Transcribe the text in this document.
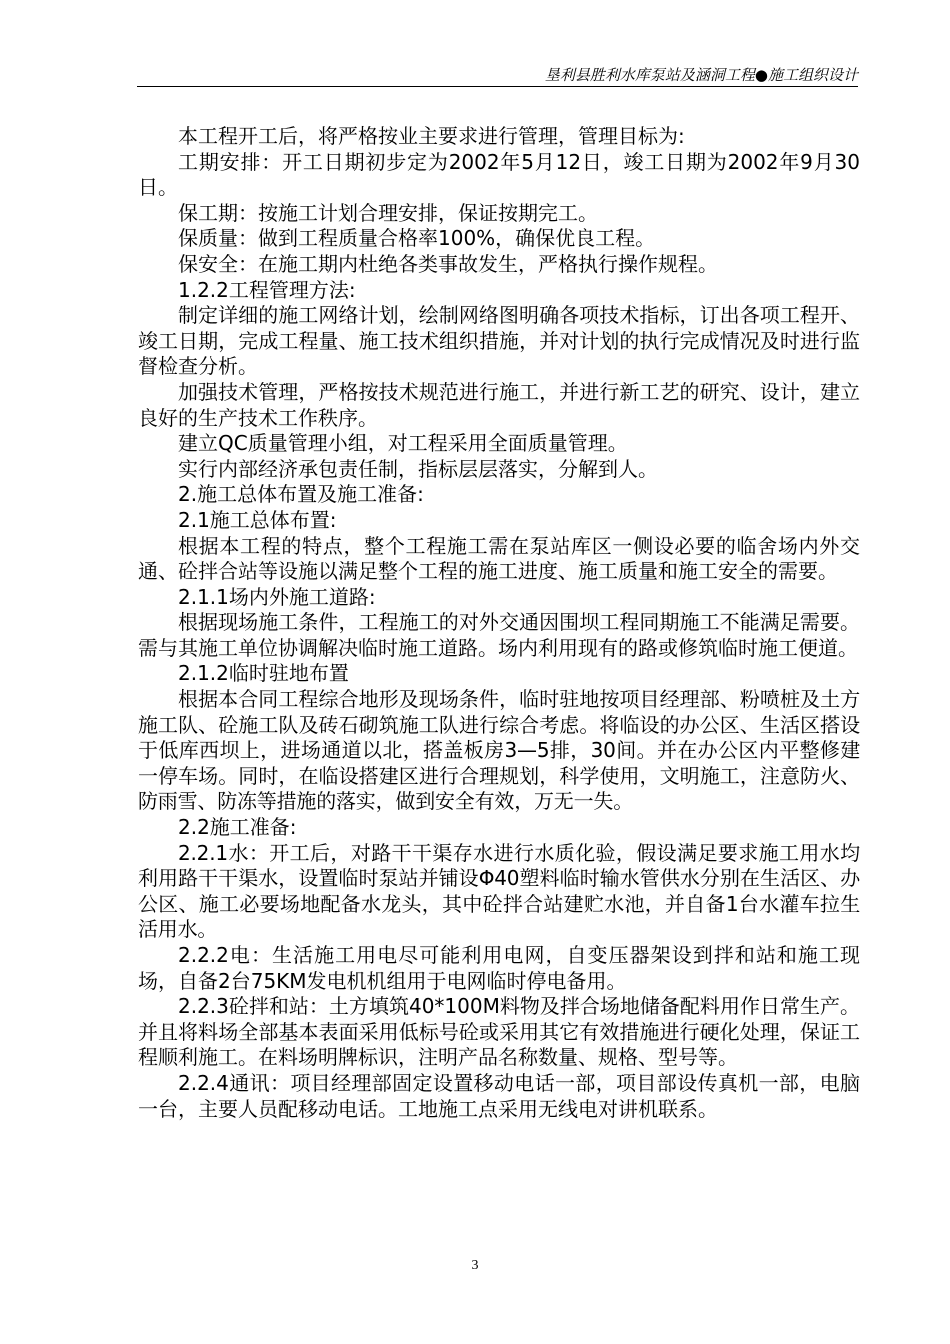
垦利县胜利水库泵站及涵洞工程●施工组织设计

本工程开工后，将严格按业主要求进行管理，管理目标为:

工期安排：开工日期初步定为2002年5月12日，竣工日期为2002年9月30日。

保工期：按施工计划合理安排，保证按期完工。

保质量：做到工程质量合格率100%，确保优良工程。

保安全：在施工期内杜绝各类事故发生，严格执行操作规程。

1.2.2工程管理方法:

制定详细的施工网络计划，绘制网络图明确各项技术指标，订出各项工程开、竣工日期，完成工程量、施工技术组织措施，并对计划的执行完成情况及时进行监督检查分析。

加强技术管理，严格按技术规范进行施工，并进行新工艺的研究、设计，建立良好的生产技术工作秩序。

建立QC质量管理小组，对工程采用全面质量管理。

实行内部经济承包责任制，指标层层落实，分解到人。

2.施工总体布置及施工准备:

2.1施工总体布置:

根据本工程的特点，整个工程施工需在泵站库区一侧设必要的临舍场内外交通、砼拌合站等设施以满足整个工程的施工进度、施工质量和施工安全的需要。

2.1.1场内外施工道路:

根据现场施工条件，工程施工的对外交通因围坝工程同期施工不能满足需要。需与其施工单位协调解决临时施工道路。场内利用现有的路或修筑临时施工便道。

2.1.2临时驻地布置

根据本合同工程综合地形及现场条件，临时驻地按项目经理部、粉喷桩及土方施工队、砼施工队及砖石砌筑施工队进行综合考虑。将临设的办公区、生活区搭设于低库西坝上，进场通道以北，搭盖板房3—5排，30间。并在办公区内平整修建一停车场。同时，在临设搭建区进行合理规划，科学使用，文明施工，注意防火、防雨雪、防冻等措施的落实，做到安全有效，万无一失。

2.2施工准备:

2.2.1水：开工后，对路干干渠存水进行水质化验，假设满足要求施工用水均利用路干干渠水，设置临时泵站并铺设Φ40塑料临时输水管供水分别在生活区、办公区、施工必要场地配备水龙头，其中砼拌合站建贮水池，并自备1台水灌车拉生活用水。

2.2.2电：生活施工用电尽可能利用电网，自变压器架设到拌和站和施工现场，自备2台75KM发电机机组用于电网临时停电备用。

2.2.3砼拌和站：土方填筑40*100M料物及拌合场地储备配料用作日常生产。并且将料场全部基本表面采用低标号砼或采用其它有效措施进行硬化处理，保证工程顺利施工。在料场明牌标识，注明产品名称数量、规格、型号等。

2.2.4通讯：项目经理部固定设置移动电话一部，项目部设传真机一部，电脑一台，主要人员配移动电话。工地施工点采用无线电对讲机联系。

3
